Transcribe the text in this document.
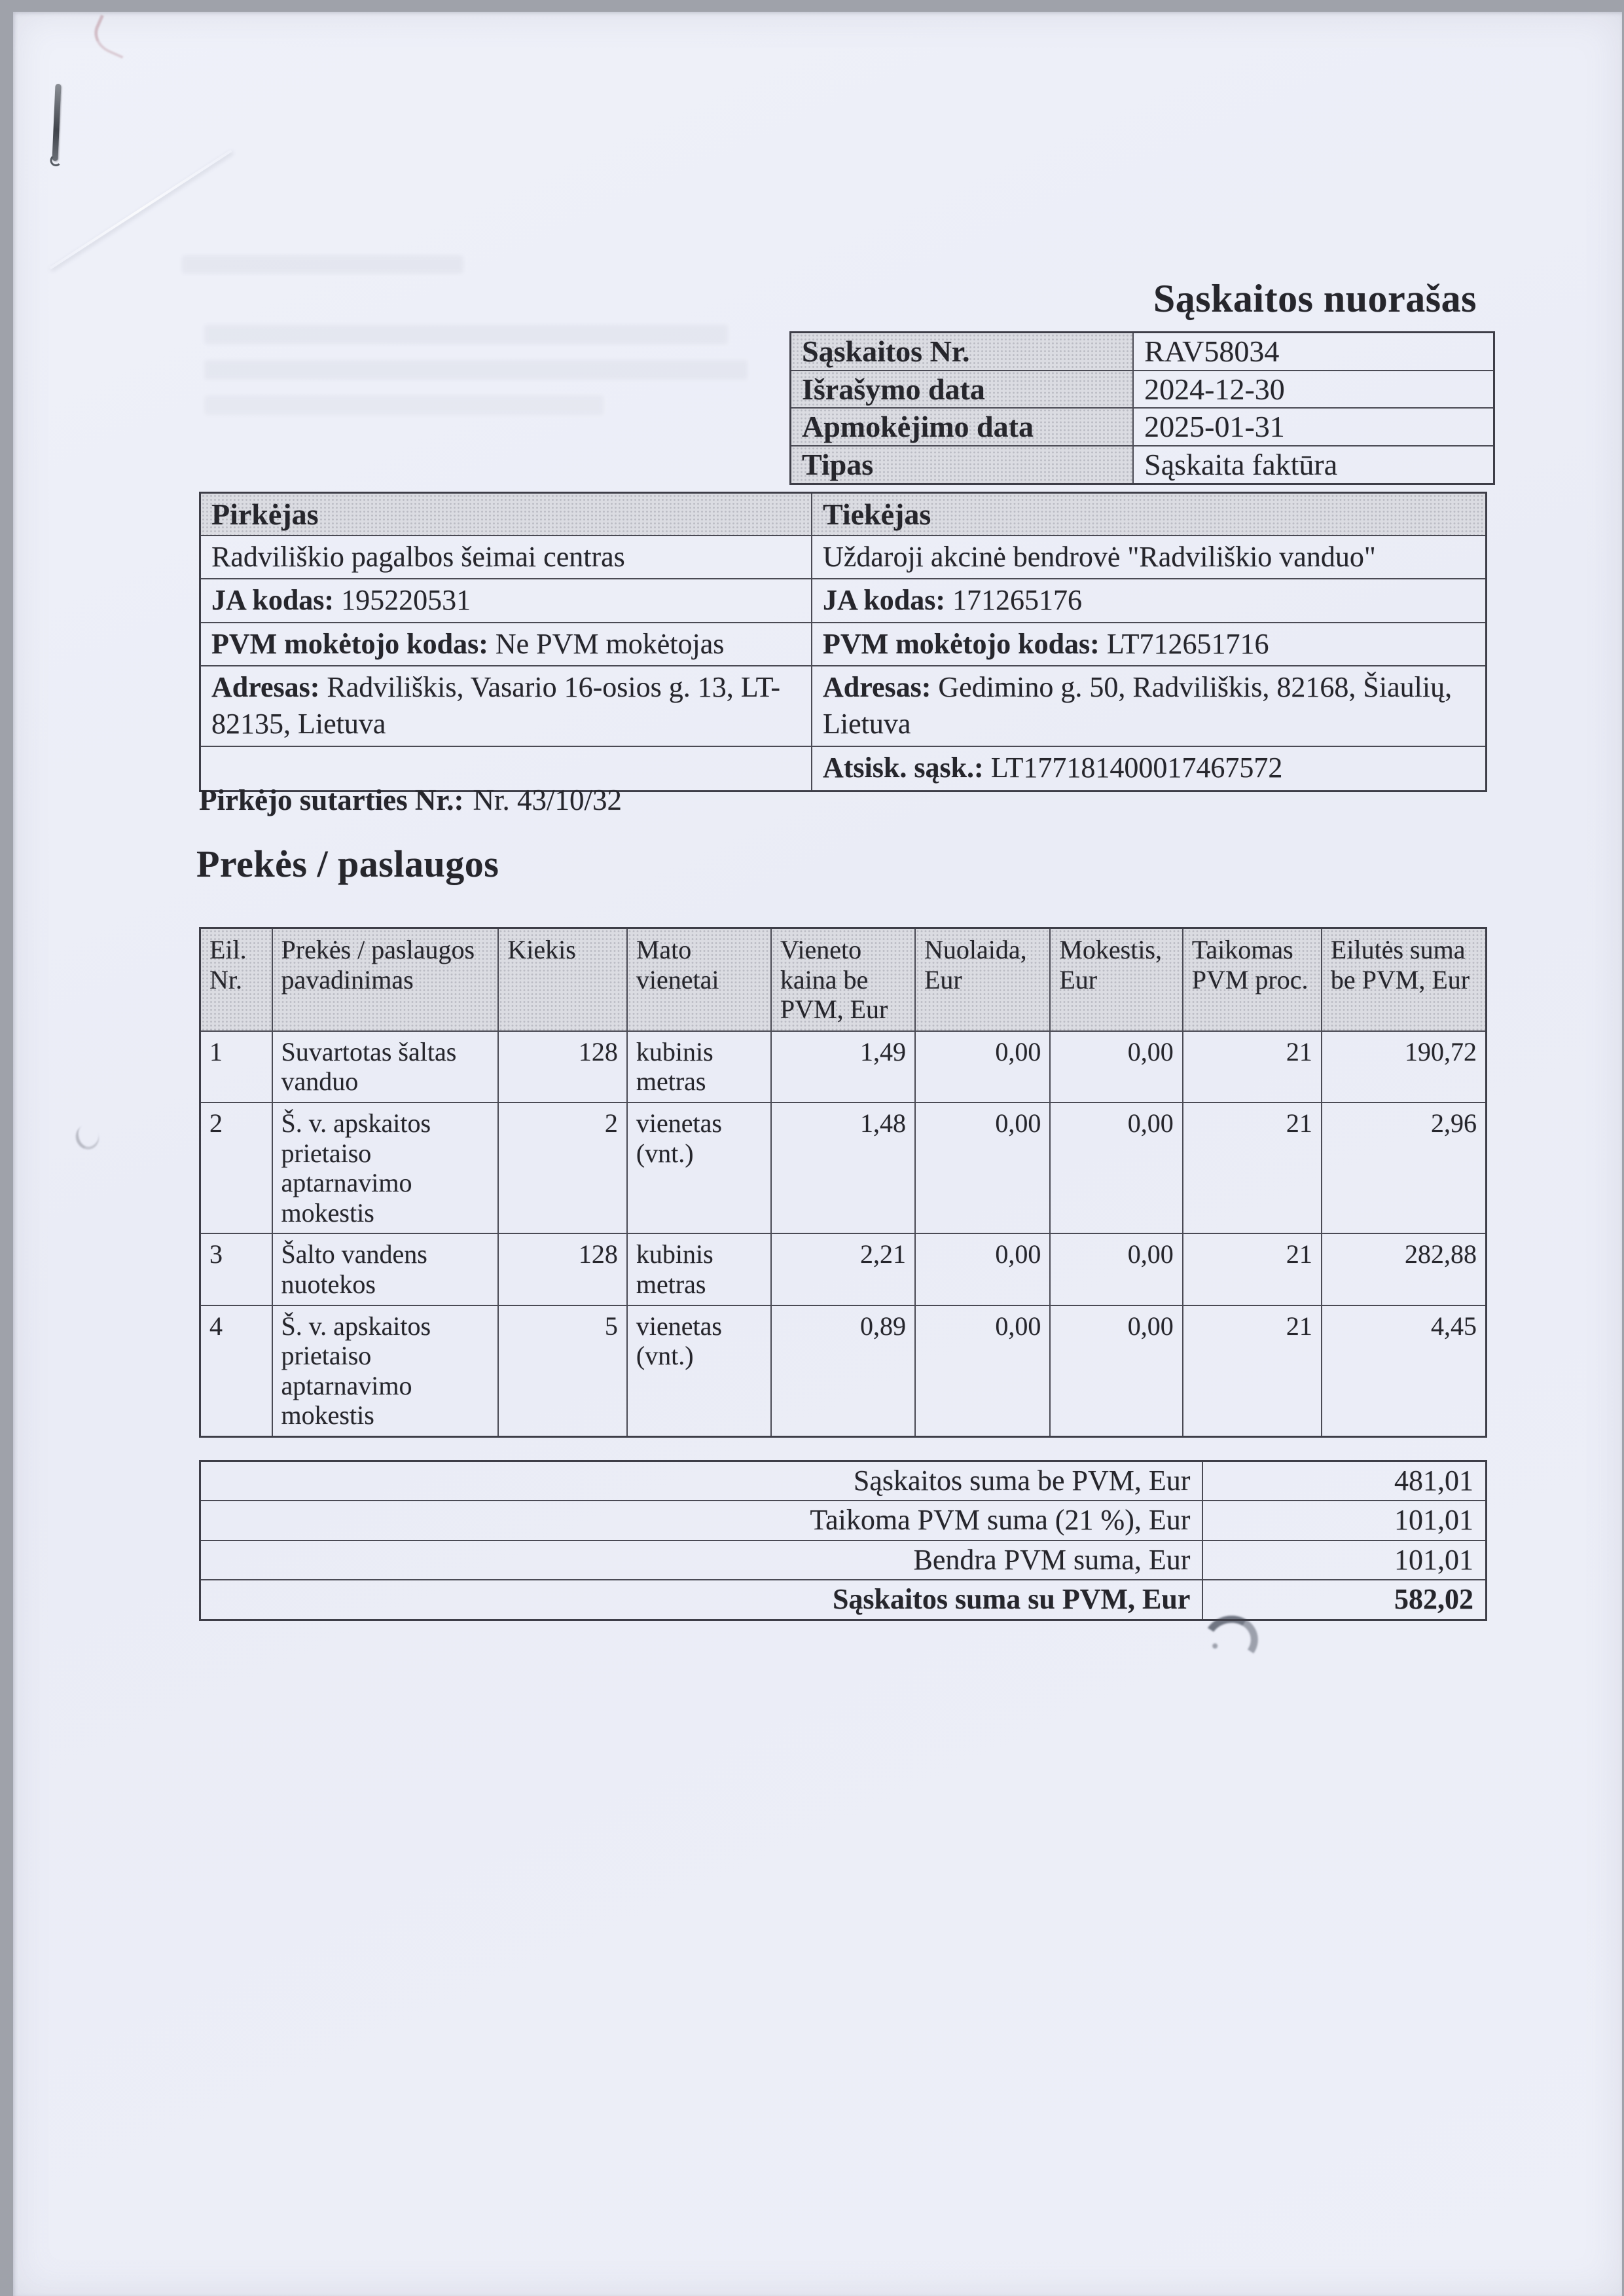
Sąskaitos nuorašas
Sąskaitos Nr.	RAV58034
Išrašymo data	2024-12-30
Apmokėjimo data	2025-01-31
Tipas	Sąskaita faktūra
Pirkėjas	Tiekėjas
Radviliškio pagalbos šeimai centras	Uždaroji akcinė bendrovė "Radviliškio vanduo"
JA kodas: 195220531	JA kodas: 171265176
PVM mokėtojo kodas: Ne PVM mokėtojas	PVM mokėtojo kodas: LT712651716
Adresas: Radviliškis, Vasario 16-osios g. 13, LT-82135, Lietuva	Adresas: Gedimino g. 50, Radviliškis, 82168, Šiaulių, Lietuva
	Atsisk. sąsk.: LT177181400017467572
Pirkėjo sutarties Nr.: Nr. 43/10/32
Prekės / paslaugos
Eil. Nr.	Prekės / paslaugos pavadinimas	Kiekis	Mato vienetai	Vieneto kaina be PVM, Eur	Nuolaida, Eur	Mokestis, Eur	Taikomas PVM proc.	Eilutės suma be PVM, Eur
1	Suvartotas šaltas vanduo	128	kubinis metras	1,49	0,00	0,00	21	190,72
2	Š. v. apskaitos prietaiso aptarnavimo mokestis	2	vienetas (vnt.)	1,48	0,00	0,00	21	2,96
3	Šalto vandens nuotekos	128	kubinis metras	2,21	0,00	0,00	21	282,88
4	Š. v. apskaitos prietaiso aptarnavimo mokestis	5	vienetas (vnt.)	0,89	0,00	0,00	21	4,45
Sąskaitos suma be PVM, Eur	481,01
Taikoma PVM suma (21 %), Eur	101,01
Bendra PVM suma, Eur	101,01
Sąskaitos suma su PVM, Eur	582,02
